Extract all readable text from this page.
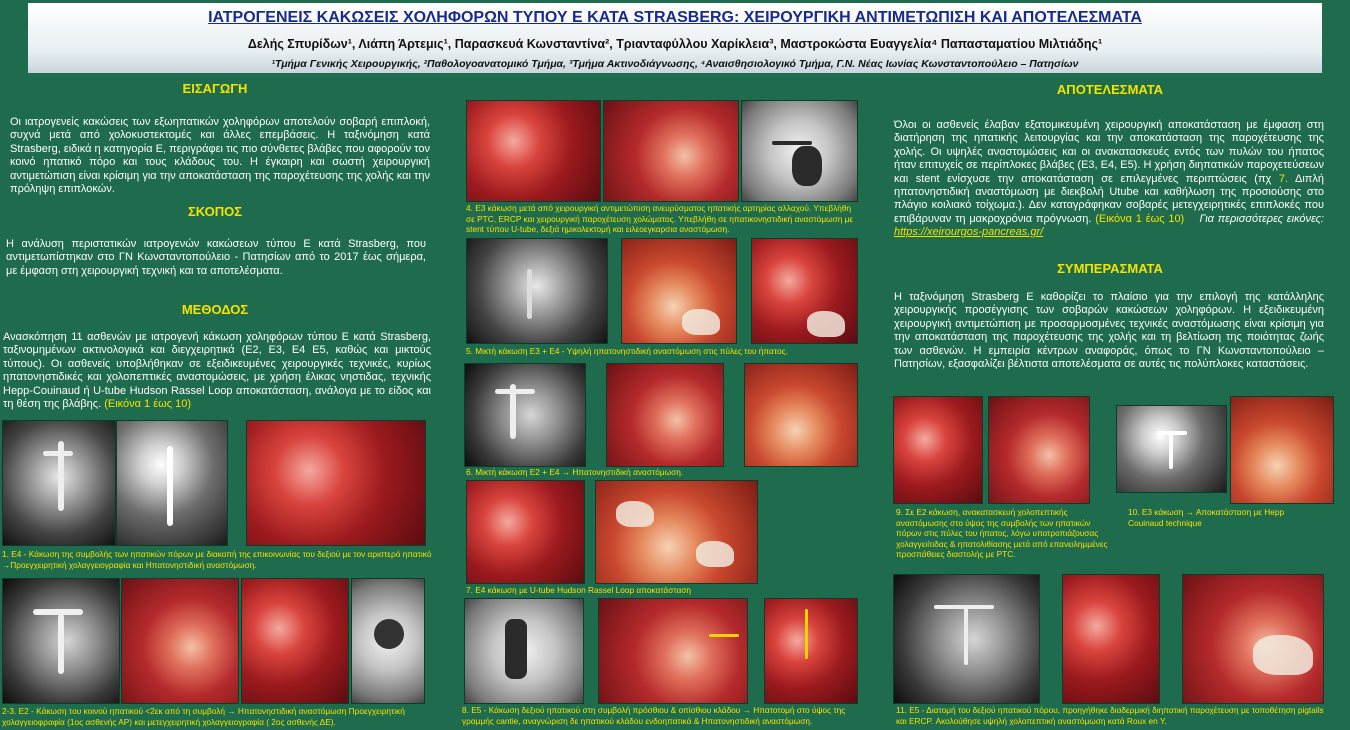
ΙΑΤΡΟΓΕΝΕΙΣ ΚΑΚΩΣΕΙΣ ΧΟΛΗΦΟΡΩΝ ΤΥΠΟΥ Ε ΚΑΤΑ STRASBERG: ΧΕΙΡΟΥΡΓΙΚΗ ΑΝΤΙΜΕΤΩΠΙΣΗ ΚΑΙ ΑΠΟΤΕΛΕΣΜΑΤΑ
Δελής Σπυρίδων¹, Λιάπη Άρτεμις¹, Παρασκευά Κωνσταντίνα², Τριανταφύλλου Χαρίκλεια³, Μαστροκώστα Ευαγγελία⁴ Παπασταματίου Μιλτιάδης¹
¹Τμήμα Γενικής Χειρουργικής, ²Παθολογοανατομικό Τμήμα, ³Τμήμα Ακτινοδιάγνωσης, ⁴Αναισθησιολογικό Τμήμα, Γ.Ν. Νέας Ιωνίας Κωνσταντοπούλειο – Πατησίων
ΕΙΣΑΓΩΓΗ
Οι ιατρογενείς κακώσεις των εξωηπατικών χοληφόρων αποτελούν σοβαρή επιπλοκή, συχνά μετά από χολοκυστεκτομές και άλλες επεμβάσεις. Η ταξινόμηση κατά Strasberg, ειδικά η κατηγορία Ε, περιγράφει τις πιο σύνθετες βλάβες που αφορούν τον κοινό ηπατικό πόρο και τους κλάδους του. Η έγκαιρη και σωστή χειρουργική αντιμετώπιση είναι κρίσιμη για την αποκατάσταση της παροχέτευσης της χολής και την πρόληψη επιπλοκών.
ΣΚΟΠΟΣ
Η ανάλυση περιστατικών ιατρογενών κακώσεων τύπου Ε κατά Strasberg, που αντιμετωπίστηκαν στο ΓΝ Κωνσταντοπούλειο - Πατησίων από το 2017 έως σήμερα, με έμφαση στη χειρουργική τεχνική και τα αποτελέσματα.
ΜΕΘΟΔΟΣ
Ανασκόπηση 11 ασθενών με ιατρογενή κάκωση χοληφόρων τύπου Ε κατά Strasberg, ταξινομημένων ακτινολογικά και διεγχειρητικά (Ε2, Ε3, Ε4 Ε5, καθώς και μικτούς τύπους). Οι ασθενείς υποβλήθηκαν σε εξειδικευμένες χειρουργικές τεχνικές, κυρίως ηπατονηστιδικές και χολοπεπτικές αναστομώσεις, με χρήση έλικας νηστιδας, τεχνικής Hepp-Couinaud ή U-tube Hudson Rassel Loop αποκατάσταση, ανάλογα με το είδος και τη θέση της βλάβης. (Εικόνα 1 έως 10)
1. Ε4 - Κάκωση της συμβολής των ηπατικών πόρων με διακοπή της επικοινωνίας του δεξιού με τον αριστερό ηπατικό →Προεγχειρητική χολαγγειογραφία και Ηπατονηστιδική αναστόμωση.
2-3. Ε2 - Κάκωση του κοινού ηπατικού <2εκ από τη συμβολή → Ηπατονηστιδική αναστόμωση Προεγχειρητική χολαγγειοφραφία (1ος ασθενής ΑΡ) και μετεγχειρητική χολαγγειογραφία ( 2ος ασθενής ΔΕ).
4. Ε3 κάκωση μετά από χειρουργική αντιμετώπιση ανευρύσματος ηπατικής αρτηρίας αλλαχού. Υπεβλήθη σε PTC, ERCP και χειρουργική παροχέτευση χολώματος. Υπεβλήθη σε ηπατικονηστιδική αναστόμωση με stent τύπου U-tube, δεξιά ημικολεκτομή και ειλεοεγκαρσια αναστόμωση.
5. Μικτή κάκωση Ε3 + Ε4 - Υψηλή ηπατονηστιδική αναστόμωση στις πύλες του ήπατος.
6. Μικτή κάκωση Ε2 + Ε4 → Ηπατονηστιδική αναστόμωση.
7. Ε4 κάκωση με U-tube Hudson Rassel Loop αποκατάσταση
8. Ε5 - Κάκωση δεξιού ηπατικού στη συμβολή πρόσθιου & οπίσθιου κλάδου → Ηπατοτομή στο ύψος της γραμμής cantie, αναγνώριση δε ηπατικού κλάδου ενδοηπατικά & Ηπατονηστιδική αναστόμωση.
ΑΠΟΤΕΛΕΣΜΑΤΑ
Όλοι οι ασθενείς έλαβαν εξατομικευμένη χειρουργική αποκατάσταση με έμφαση στη διατήρηση της ηπατικής λειτουργίας και την αποκατάσταση της παροχέτευσης της χολής. Οι υψηλές αναστομώσεις και οι ανακατασκευές εντός των πυλών του ήπατος ήταν επιτυχείς σε περίπλοκες βλάβες (Ε3, Ε4, Ε5). Η χρήση διηπατικών παροχετεύσεων και stent ενίσχυσε την αποκατάσταση σε επιλεγμένες περιπτώσεις (πχ 7. Διπλή ηπατονηστιδική αναστόμωση με διεκβολή Utube και καθήλωση της προσιούσης στο πλάγιο κοιλιακό τοίχωμα.). Δεν καταγράφηκαν σοβαρές μετεγχειρητικές επιπλοκές που επιβάρυναν τη μακροχρόνια πρόγνωση. (Εικόνα 1 έως 10) Για περισσότερες εικόνες: https://xeirourgos-pancreas.gr/
ΣΥΜΠΕΡΑΣΜΑΤΑ
Η ταξινόμηση Strasberg Ε καθορίζει το πλαίσιο για την επιλογή της κατάλληλης χειρουργικής προσέγγισης των σοβαρών κακώσεων χοληφόρων. Η εξειδικευμένη χειρουργική αντιμετώπιση με προσαρμοσμένες τεχνικές αναστόμωσης είναι κρίσιμη για την αποκατάσταση της παροχέτευσης της χολής και τη βελτίωση της ποιότητας ζωής των ασθενών. Η εμπειρία κέντρων αναφοράς, όπως το ΓΝ Κωνσταντοπούλειο – Πατησίων, εξασφαλίζει βέλτιστα αποτελέσματα σε αυτές τις πολύπλοκες καταστάσεις.
9. Σε Ε2 κάκωση, ανακατασκευή χολοπεπτικής αναστόμωσης στο ύψος της συμβολής των ηπατικών πόρων στις πύλες του ήπατος, λόγω υποτροπιάζουσας χολαγγειίτιδας & ηπατολιθίασης μετά από επανειλημμένες προσπάθειες διαστολής με PTC.
10. Ε3 κάκωση → Αποκατάσταση με Hepp Couinaud technique
11. Ε5 - Διατομή του δεξιού ηπατικού πόρου, προηγήθηκε διαδερμική διηπατική παροχέτευση με τοποθέτηση pigtails και ERCP. Ακολούθησε υψηλή χολοπεπτική αναστόμωση κατά Roux en Y.
